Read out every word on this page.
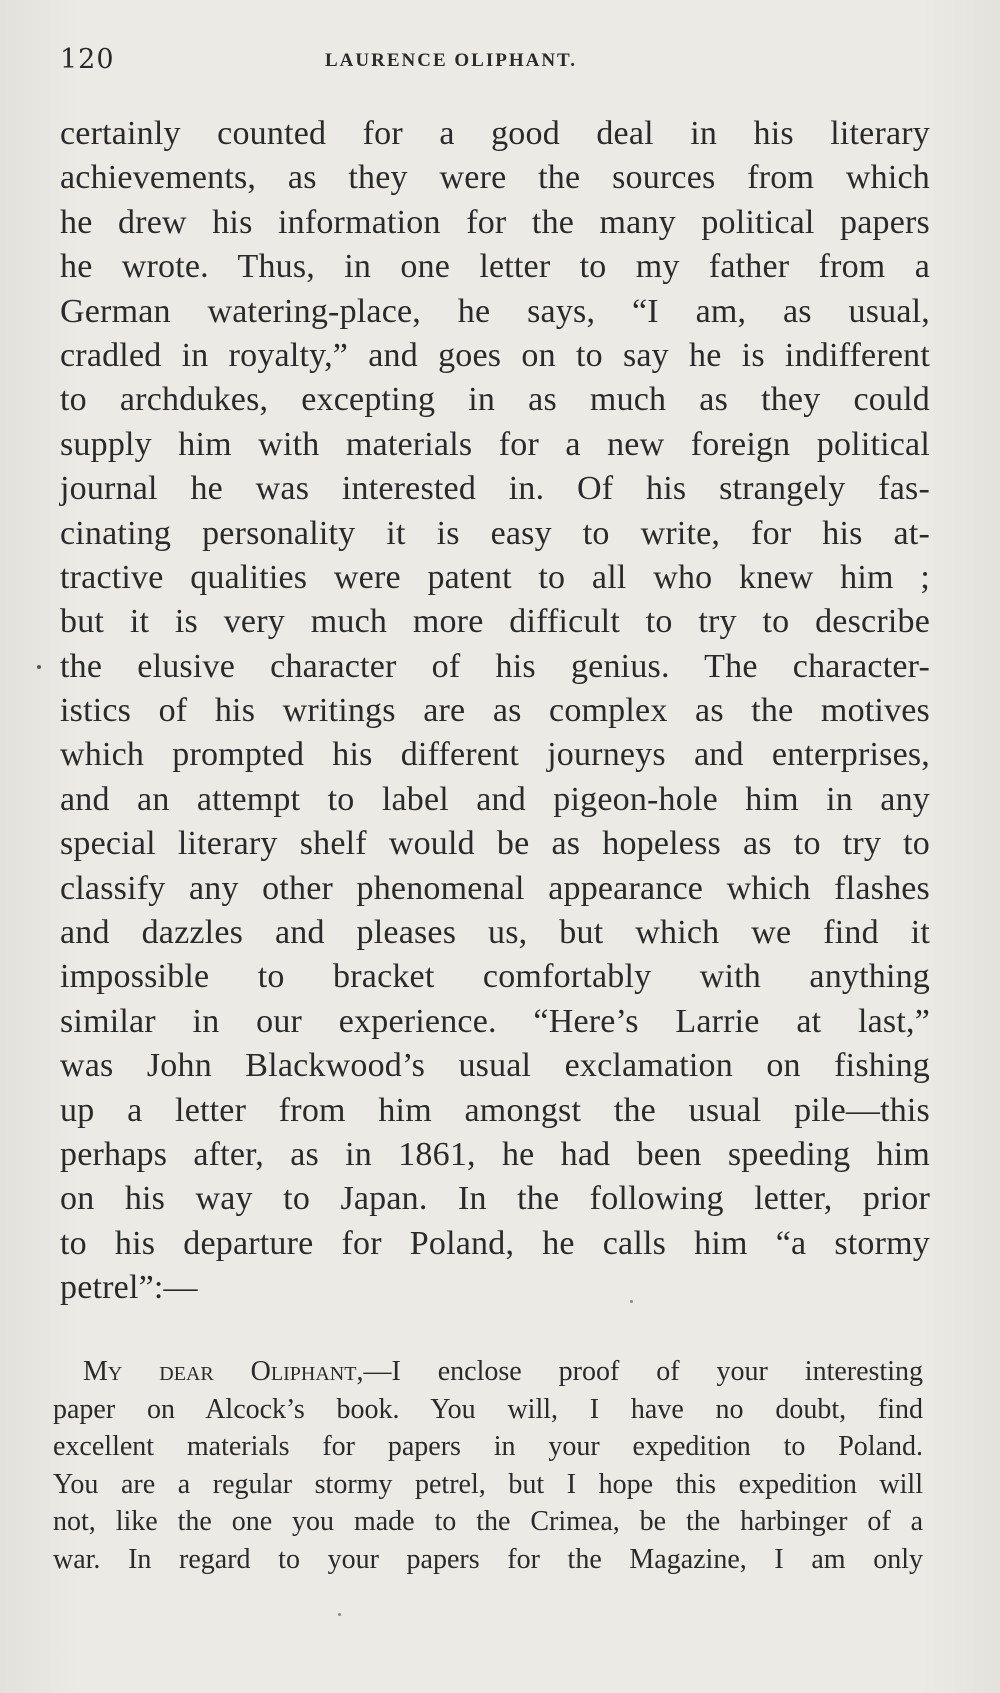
120	LAURENCE OLIPHANT.
certainly counted for a good deal in his literary
achievements, as they were the sources from which
he drew his information for the many political papers
he wrote. Thus, in one letter to my father from a
German watering-place, he says, “I am, as usual,
cradled in royalty,” and goes on to say he is indifferent
to archdukes, excepting in as much as they could
supply him with materials for a new foreign political
journal he was interested in. Of his strangely fas-
cinating personality it is easy to write, for his at-
tractive qualities were patent to all who knew him ;
but it is very much more difficult to try to describe
the elusive character of his genius. The character-
istics of his writings are as complex as the motives
which prompted his different journeys and enterprises,
and an attempt to label and pigeon-hole him in any
special literary shelf would be as hopeless as to try to
classify any other phenomenal appearance which flashes
and dazzles and pleases us, but which we find it
impossible to bracket comfortably with anything
similar in our experience. “Here’s Larrie at last,”
was John Blackwood’s usual exclamation on fishing
up a letter from him amongst the usual pile—this
perhaps after, as in 1861, he had been speeding him
on his way to Japan. In the following letter, prior
to his departure for Poland, he calls him “a stormy
petrel”:—
My dear Oliphant,—I enclose proof of your interesting
paper on Alcock’s book. You will, I have no doubt, find
excellent materials for papers in your expedition to Poland.
You are a regular stormy petrel, but I hope this expedition will
not, like the one you made to the Crimea, be the harbinger of a
war. In regard to your papers for the Magazine, I am only
